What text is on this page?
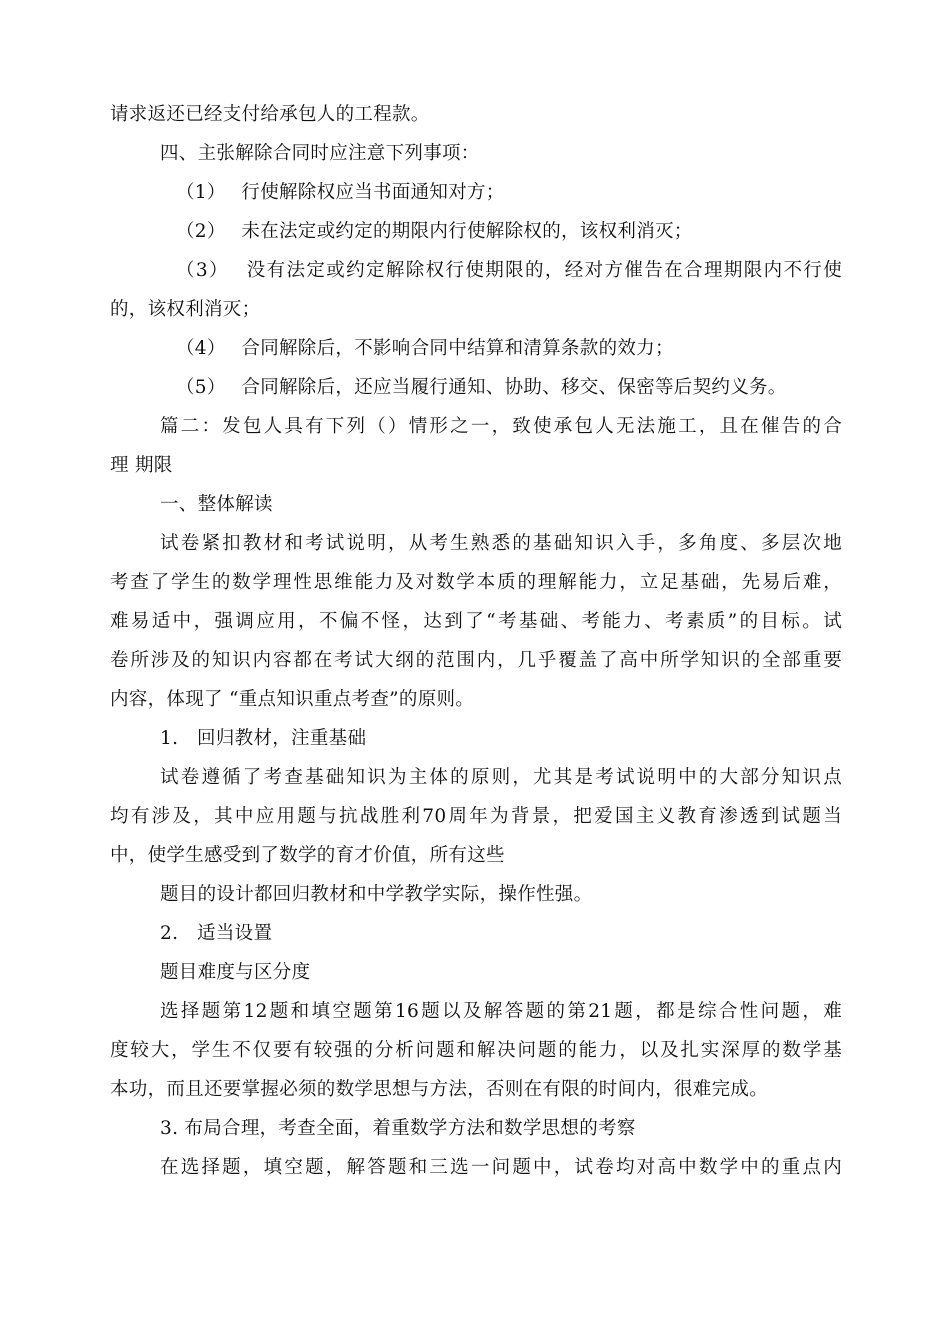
请求返还已经支付给承包人的工程款。
四、主张解除合同时应注意下列事项：
（1）　 行使解除权应当书面通知对方；
（2）　 未在法定或约定的期限内行使解除权的，该权利消灭；
（3）　 没有法定或约定解除权行使期限的，经对方催告在合理期限内不行使
的，该权利消灭；
（4）　 合同解除后，不影响合同中结算和清算条款的效力；
（5）　 合同解除后，还应当履行通知、协助、移交、保密等后契约义务。
篇二：发包人具有下列（）情形之一，致使承包人无法施工，且在催告的合
理 期限
一、整体解读
试卷紧扣教材和考试说明，从考生熟悉的基础知识入手，多角度、多层次地
考查了学生的数学理性思维能力及对数学本质的理解能力，立足基础，先易后难，
难易适中，强调应用，不偏不怪，达到了“考基础、考能力、考素质”的目标。试
卷所涉及的知识内容都在考试大纲的范围内，几乎覆盖了高中所学知识的全部重要
内容，体现了 “重点知识重点考查”的原则。
1.　回归教材，注重基础
试卷遵循了考查基础知识为主体的原则，尤其是考试说明中的大部分知识点
均有涉及，其中应用题与抗战胜利70周年为背景，把爱国主义教育渗透到试题当
中，使学生感受到了数学的育才价值，所有这些
题目的设计都回归教材和中学教学实际，操作性强。
2.　适当设置
题目难度与区分度
选择题第12题和填空题第16题以及解答题的第21题，都是综合性问题，难
度较大，学生不仅要有较强的分析问题和解决问题的能力，以及扎实深厚的数学基
本功，而且还要掌握必须的数学思想与方法，否则在有限的时间内，很难完成。
3. 布局合理，考查全面，着重数学方法和数学思想的考察
在选择题，填空题，解答题和三选一问题中，试卷均对高中数学中的重点内
